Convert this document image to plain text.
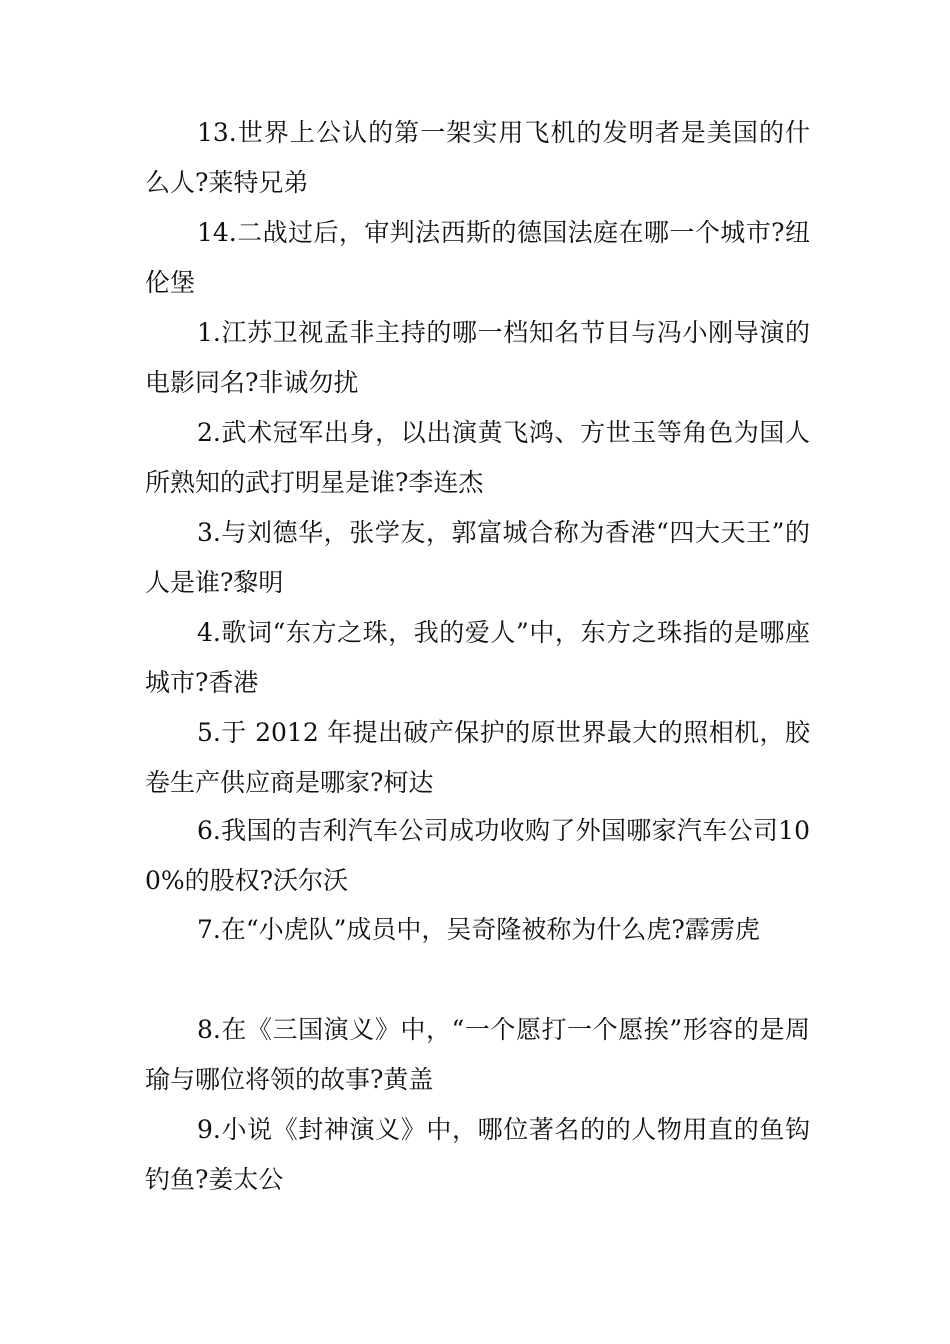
13.世界上公认的第一架实用飞机的发明者是美国的什么人?莱特兄弟

14.二战过后，审判法西斯的德国法庭在哪一个城市?纽伦堡

1.江苏卫视孟非主持的哪一档知名节目与冯小刚导演的电影同名?非诚勿扰

2.武术冠军出身，以出演黄飞鸿、方世玉等角色为国人所熟知的武打明星是谁?李连杰

3.与刘德华，张学友，郭富城合称为香港“四大天王”的人是谁?黎明

4.歌词“东方之珠，我的爱人”中，东方之珠指的是哪座城市?香港

5.于 2012 年提出破产保护的原世界最大的照相机，胶卷生产供应商是哪家?柯达

6.我国的吉利汽车公司成功收购了外国哪家汽车公司100%的股权?沃尔沃

7.在“小虎队”成员中，吴奇隆被称为什么虎?霹雳虎

8.在《三国演义》中，“一个愿打一个愿挨”形容的是周瑜与哪位将领的故事?黄盖

9.小说《封神演义》中，哪位著名的的人物用直的鱼钩钓鱼?姜太公
